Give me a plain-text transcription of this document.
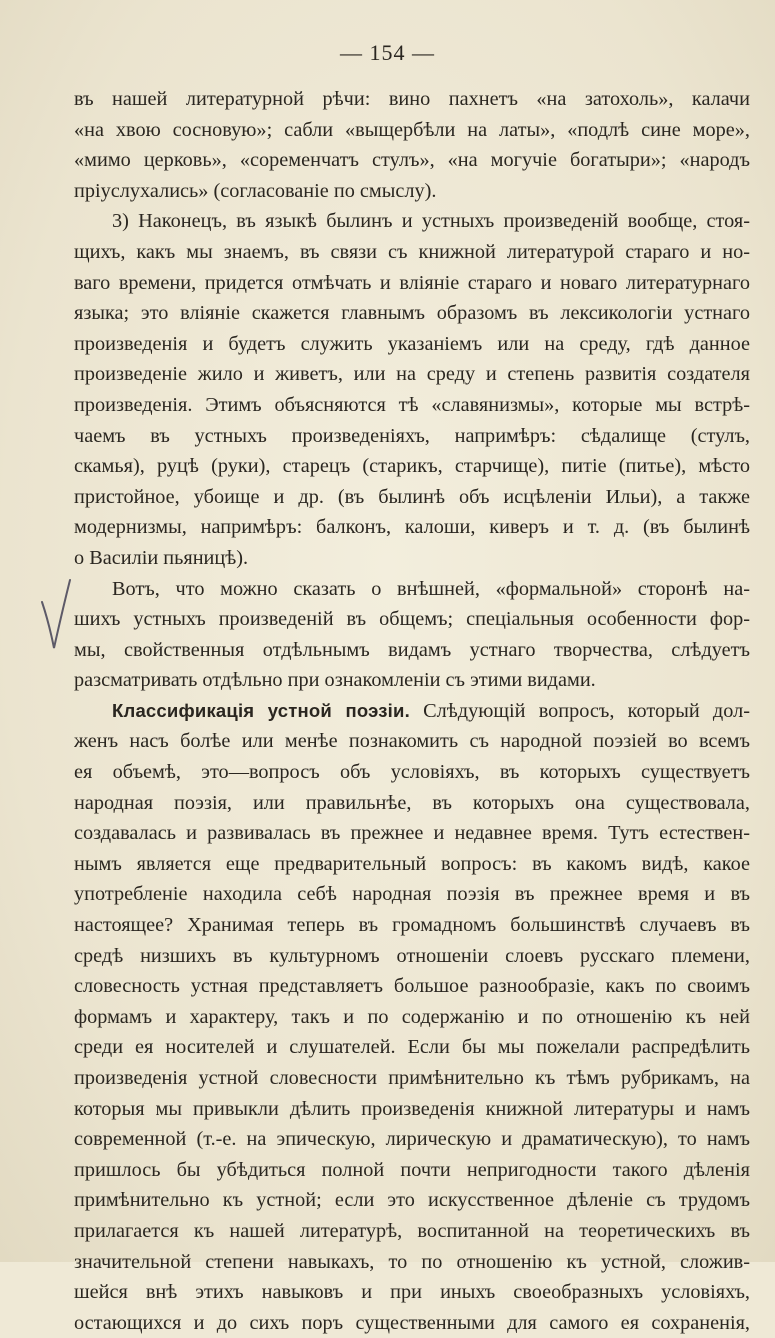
— 154 —
въ нашей литературной рѣчи: вино пахнетъ «на затохоль», калачи
«на хвою сосновую»; сабли «выщербѣли на латы», «подлѣ сине море»,
«мимо церковь», «соременчатъ стулъ», «на могучіе богатыри»; «народъ
пріуслухались» (согласованіе по смыслу).
3) Наконецъ, въ языкѣ былинъ и устныхъ произведеній вообще, стоя-
щихъ, какъ мы знаемъ, въ связи съ книжной литературой стараго и но-
ваго времени, придется отмѣчать и вліяніе стараго и новаго литературнаго
языка; это вліяніе скажется главнымъ образомъ въ лексикологіи устнаго
произведенія и будетъ служить указаніемъ или на среду, гдѣ данное
произведеніе жило и живетъ, или на среду и степень развитія создателя
произведенія. Этимъ объясняются тѣ «славянизмы», которые мы встрѣ-
чаемъ въ устныхъ произведеніяхъ, напримѣръ: сѣдалище (стулъ,
скамья), руцѣ (руки), старецъ (старикъ, старчище), питіе (питье), мѣсто
пристойное, убоище и др. (въ былинѣ объ исцѣленіи Ильи), а также
модернизмы, напримѣръ: балконъ, калоши, киверъ и т. д. (въ былинѣ
о Василіи пьяницѣ).
Вотъ, что можно сказать о внѣшней, «формальной» сторонѣ на-
шихъ устныхъ произведеній въ общемъ; спеціальныя особенности фор-
мы, свойственныя отдѣльнымъ видамъ устнаго творчества, слѣдуетъ
разсматривать отдѣльно при ознакомленіи съ этими видами.
Классификація устной поэзіи. Слѣдующій вопросъ, который дол-
женъ насъ болѣе или менѣе познакомить съ народной поэзіей во всемъ
ея объемѣ, это—вопросъ объ условіяхъ, въ которыхъ существуетъ
народная поэзія, или правильнѣе, въ которыхъ она существовала,
создавалась и развивалась въ прежнее и недавнее время. Тутъ естествен-
нымъ является еще предварительный вопросъ: въ какомъ видѣ, какое
употребленіе находила себѣ народная поэзія въ прежнее время и въ
настоящее? Хранимая теперь въ громадномъ большинствѣ случаевъ въ
средѣ низшихъ въ культурномъ отношеніи слоевъ русскаго племени,
словесность устная представляетъ большое разнообразіе, какъ по своимъ
формамъ и характеру, такъ и по содержанію и по отношенію къ ней
среди ея носителей и слушателей. Если бы мы пожелали распредѣлить
произведенія устной словесности примѣнительно къ тѣмъ рубрикамъ, на
которыя мы привыкли дѣлить произведенія книжной литературы и намъ
современной (т.-е. на эпическую, лирическую и драматическую), то намъ
пришлось бы убѣдиться полной почти непригодности такого дѣленія
примѣнительно къ устной; если это искусственное дѣленіе съ трудомъ
прилагается къ нашей литературѣ, воспитанной на теоретическихъ въ
значительной степени навыкахъ, то по отношенію къ устной, сложив-
шейся внѣ этихъ навыковъ и при иныхъ своеобразныхъ условіяхъ,
остающихся и до сихъ поръ существенными для самого ея сохраненія,
